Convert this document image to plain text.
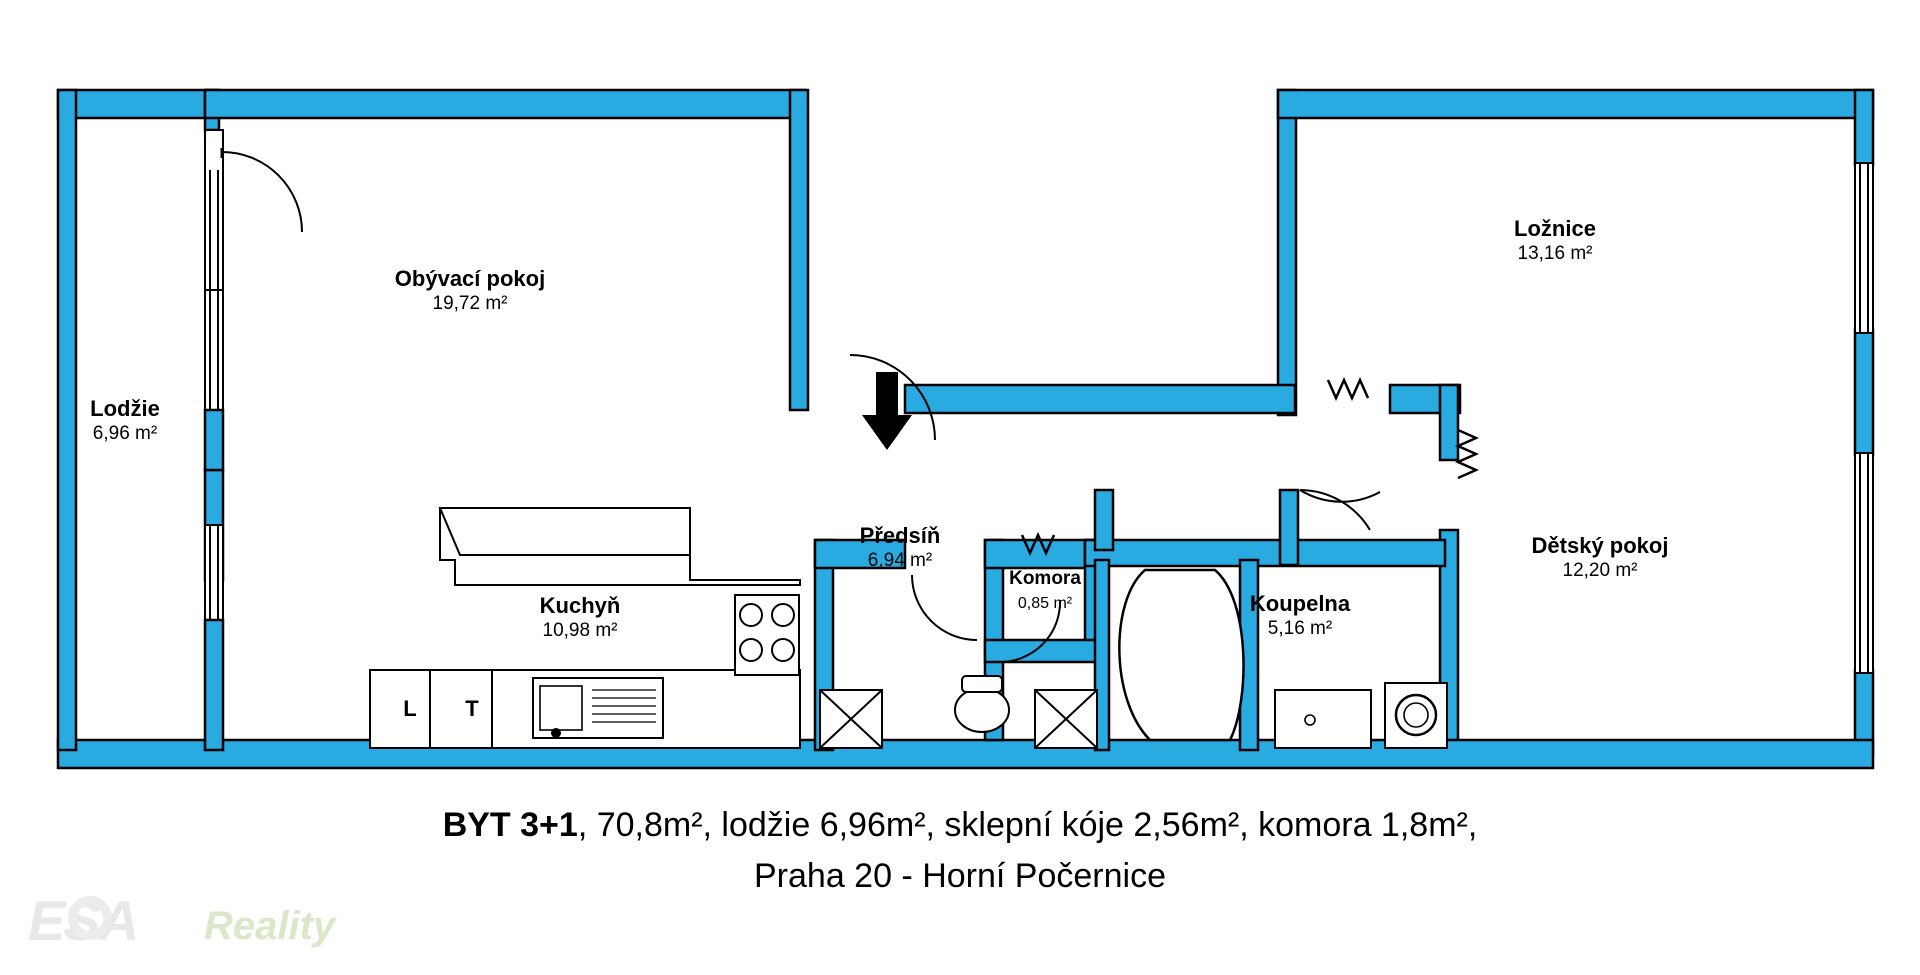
Lodžie
6,96 m²
Obývací pokoj
19,72 m²
Ložnice
13,16 m²
Předsíň
6,94 m²
Komora
0,85 m²	Koupelna
5,16 m²
Dětský pokoj
12,20 m²
Kuchyň
10,98 m²
L	T
BYT 3+1, 70,8m², lodžie 6,96m², sklepní kóje 2,56m², komora 1,8m²,
Praha 20 - Horní Počernice
ESA Reality
